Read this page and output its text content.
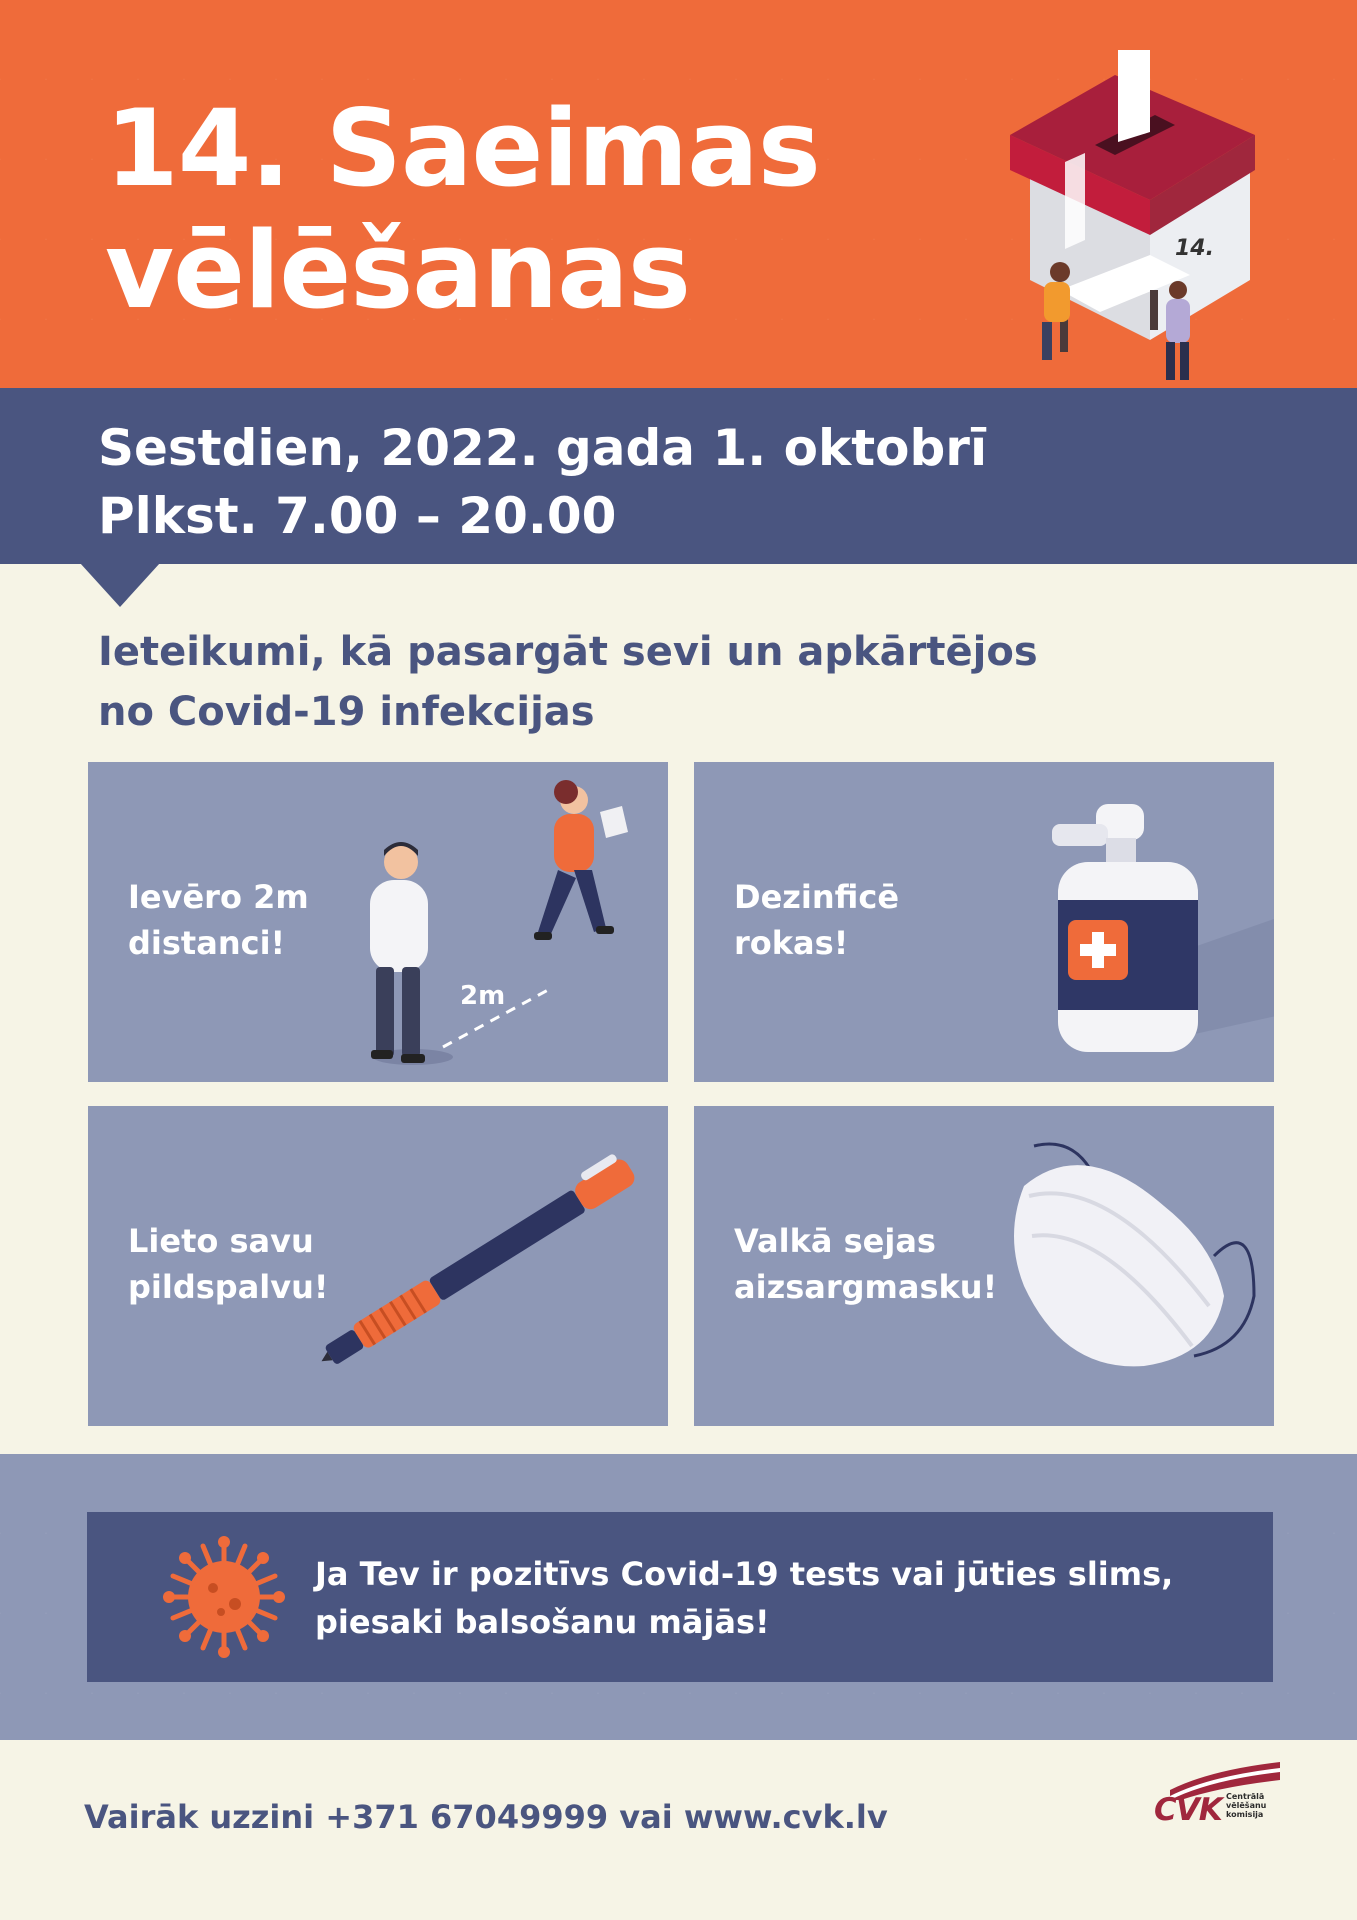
14. Saeimas
vēlēšanas	14.

Sestdien, 2022. gada 1. oktobrī

Plkst. 7.00 – 20.00

Ieteikumi, kā pasargāt sevi un apkārtējos
no Covid-19 infekcijas

Ievēro 2m
distanci!

2m

Dezinficē
rokas!

Lieto savu
pildspalvu!

Valkā sejas
aizsargmasku!

Ja Tev ir pozitīvs Covid-19 tests vai jūties slims,
piesaki balsošanu mājās!

Vairāk uzzini +371 67049999 vai www.cvk.lv	CVK Centrālā
vēlēšanu
komisija
